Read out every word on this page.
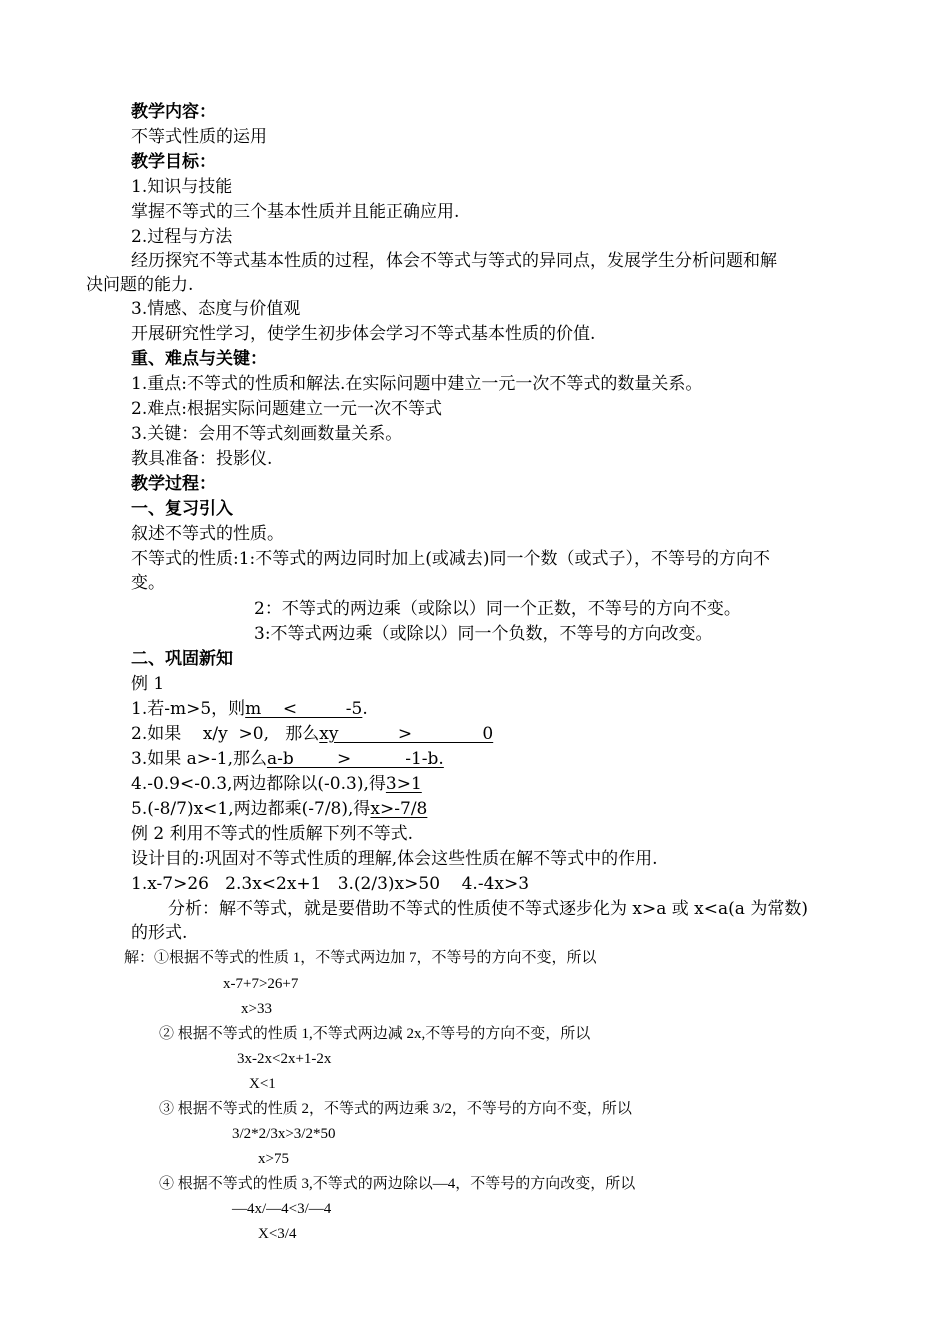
教学内容：
不等式性质的运用
教学目标：
1.知识与技能
掌握不等式的三个基本性质并且能正确应用.
2.过程与方法
经历探究不等式基本性质的过程，体会不等式与等式的异同点，发展学生分析问题和解
决问题的能力.
3.情感、态度与价值观
开展研究性学习，使学生初步体会学习不等式基本性质的价值.
重、难点与关键：
1.重点:不等式的性质和解法.在实际问题中建立一元一次不等式的数量关系。
2.难点:根据实际问题建立一元一次不等式
3.关键：会用不等式刻画数量关系。
教具准备：投影仪.
教学过程：
一、复习引入
叙述不等式的性质。
不等式的性质:1:不等式的两边同时加上(或减去)同一个数（或式子），不等号的方向不
变。
2：不等式的两边乘（或除以）同一个正数，不等号的方向不变。
3:不等式两边乘（或除以）同一个负数，不等号的方向改变。
二、巩固新知
例 1
1.若-m>5，则m    <         -5.
2.如果    x/y  >0,   那么xy           >             0
3.如果 a>-1,那么a-b        >          -1-b.
4.-0.9<-0.3,两边都除以(-0.3),得3>1
5.(-8/7)x<1,两边都乘(-7/8),得x>-7/8
例 2 利用不等式的性质解下列不等式.
设计目的:巩固对不等式性质的理解,体会这些性质在解不等式中的作用.
1.x-7>26   2.3x<2x+1   3.(2/3)x>50    4.-4x>3
分析：解不等式，就是要借助不等式的性质使不等式逐步化为 x>a 或 x<a(a 为常数)
的形式.
解：①根据不等式的性质 1，不等式两边加 7，不等号的方向不变，所以
x-7+7>26+7
x>33
② 根据不等式的性质 1,不等式两边减 2x,不等号的方向不变，所以
3x-2x<2x+1-2x
X<1
③ 根据不等式的性质 2，不等式的两边乘 3/2，不等号的方向不变，所以
3/2*2/3x>3/2*50
x>75
④ 根据不等式的性质 3,不等式的两边除以—4，不等号的方向改变，所以
—4x/—4<3/—4
X<3/4
